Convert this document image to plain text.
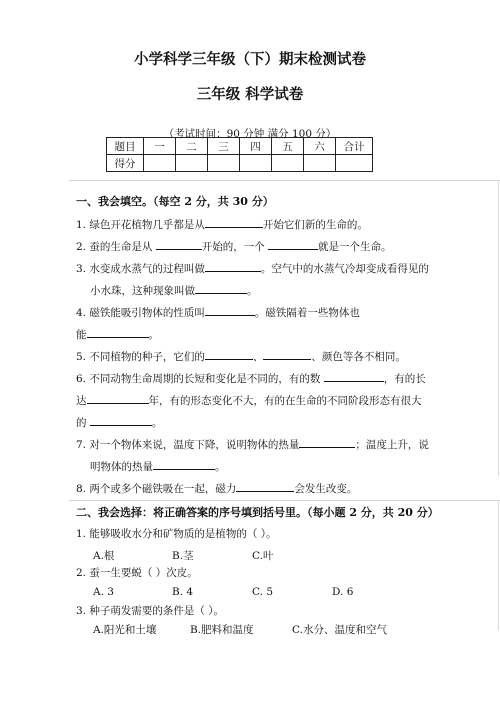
小学科学三年级（下）期末检测试卷
三年级 科学试卷
（考试时间：90 分钟 满分 100 分）
题目	一	二	三	四	五	六	合计
得分							
一、我会填空。（每空 2 分，共 30 分）
1. 绿色开花植物几乎都是从	开始它们新的生命的。
2. 蚕的生命是从	开始的，一个	就是一个生命。
3. 水变成水蒸气的过程叫做	。空气中的水蒸气冷却变成看得见的
小水珠，这种现象叫做	。
4. 磁铁能吸引物体的性质叫	。磁铁隔着一些物体也
能	。
5. 不同植物的种子，它们的	、	、颜色等各不相同。
6. 不同动物生命周期的长短和变化是不同的，有的数	，有的长
达	年，有的形态变化不大，有的在生命的不同阶段形态有很大
的	。
7. 对一个物体来说，温度下降，说明物体的热量	；温度上升，说
明物体的热量	。
8. 两个或多个磁铁吸在一起，磁力	会发生改变。
二、我会选择：将正确答案的序号填到括号里。（每小题 2 分，共 20 分）
1. 能够吸收水分和矿物质的是植物的（ ）。
A.根	B.茎	C.叶
2. 蚕一生要蜕（ ）次皮。
A. 3	B. 4	C. 5	D. 6
3. 种子萌发需要的条件是（ ）。
A.阳光和土壤	B.肥料和温度	C.水分、温度和空气
